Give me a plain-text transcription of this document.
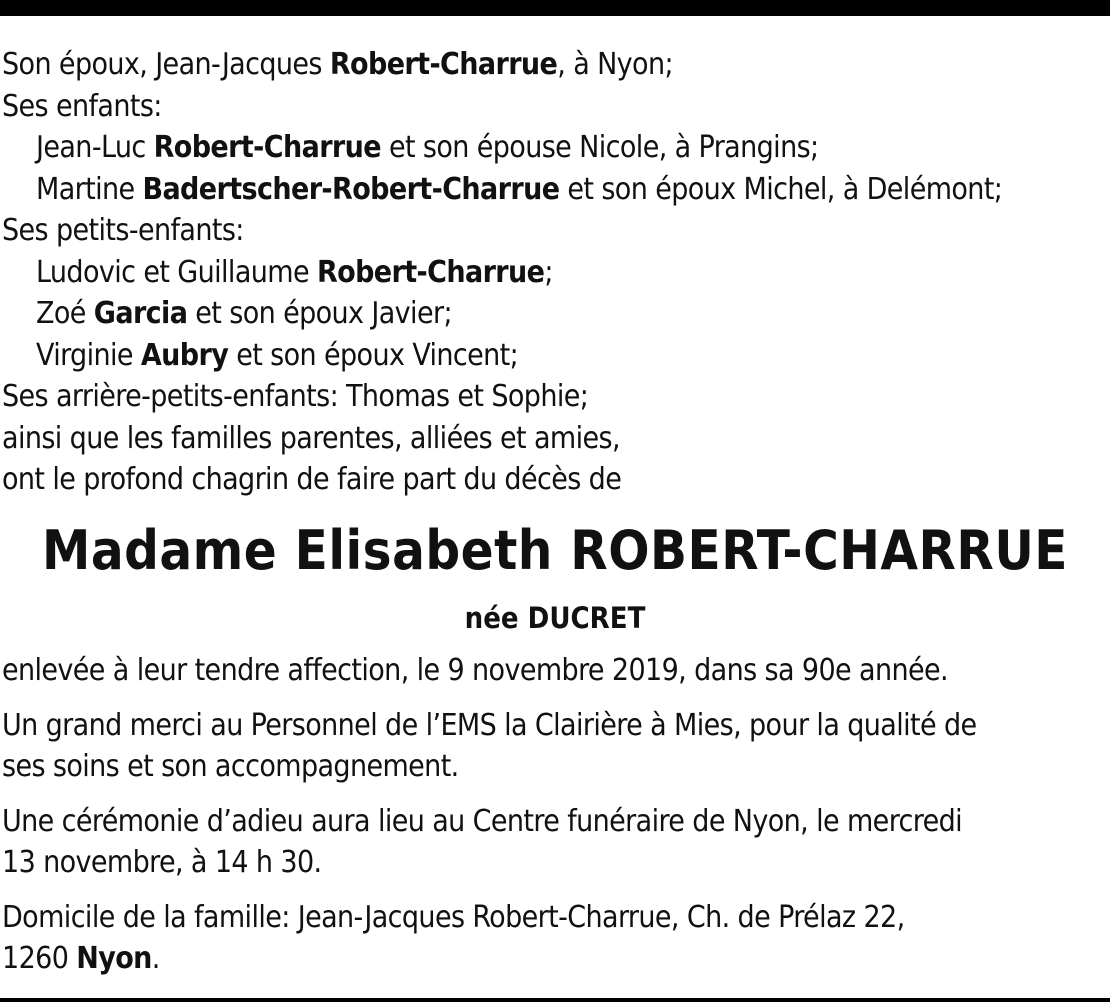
Son époux, Jean-Jacques Robert-Charrue, à Nyon;
Ses enfants:
Jean-Luc Robert-Charrue et son épouse Nicole, à Prangins;
Martine Badertscher-Robert-Charrue et son époux Michel, à Delémont;
Ses petits-enfants:
Ludovic et Guillaume Robert-Charrue;
Zoé Garcia et son époux Javier;
Virginie Aubry et son époux Vincent;
Ses arrière-petits-enfants: Thomas et Sophie;
ainsi que les familles parentes, alliées et amies,
ont le profond chagrin de faire part du décès de
Madame Elisabeth ROBERT-CHARRUE
née DUCRET
enlevée à leur tendre affection, le 9 novembre 2019, dans sa 90e année.
Un grand merci au Personnel de l’EMS la Clairière à Mies, pour la qualité de
ses soins et son accompagnement.
Une cérémonie d’adieu aura lieu au Centre funéraire de Nyon, le mercredi
13 novembre, à 14 h 30.
Domicile de la famille: Jean-Jacques Robert-Charrue, Ch. de Prélaz 22,
1260 Nyon.
